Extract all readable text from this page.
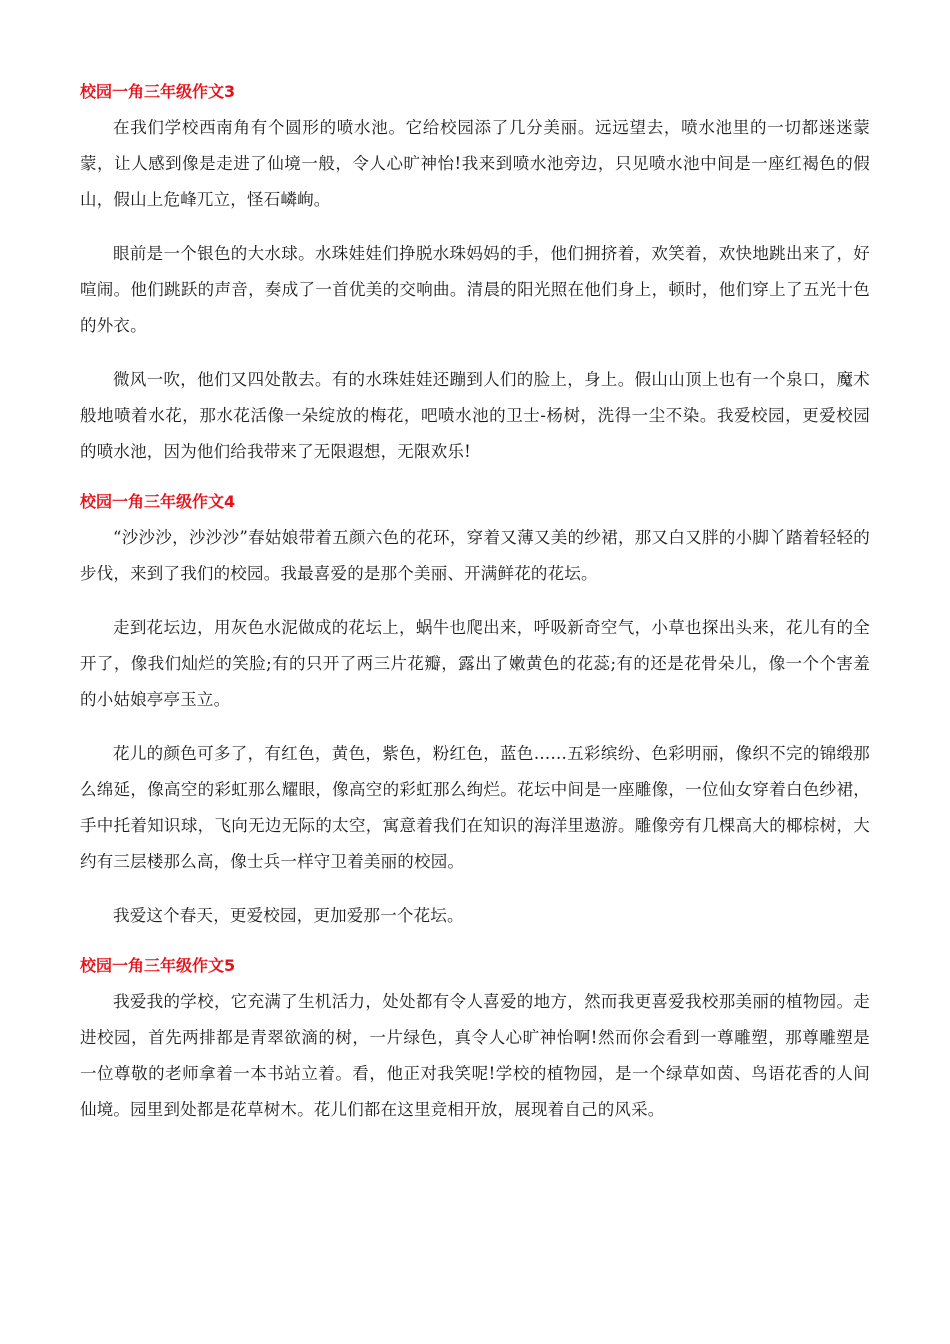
校园一角三年级作文3

在我们学校西南角有个圆形的喷水池。它给校园添了几分美丽。远远望去，喷水池里的一切都迷迷蒙蒙，让人感到像是走进了仙境一般，令人心旷神怡!我来到喷水池旁边，只见喷水池中间是一座红褐色的假山，假山上危峰兀立，怪石嶙峋。

眼前是一个银色的大水球。水珠娃娃们挣脱水珠妈妈的手，他们拥挤着，欢笑着，欢快地跳出来了，好喧闹。他们跳跃的声音，奏成了一首优美的交响曲。清晨的阳光照在他们身上，顿时，他们穿上了五光十色的外衣。

微风一吹，他们又四处散去。有的水珠娃娃还蹦到人们的脸上，身上。假山山顶上也有一个泉口，魔术般地喷着水花，那水花活像一朵绽放的梅花，吧喷水池的卫士-杨树，洗得一尘不染。我爱校园，更爱校园的喷水池，因为他们给我带来了无限遐想，无限欢乐!

校园一角三年级作文4

“沙沙沙，沙沙沙”春姑娘带着五颜六色的花环，穿着又薄又美的纱裙，那又白又胖的小脚丫踏着轻轻的步伐，来到了我们的校园。我最喜爱的是那个美丽、开满鲜花的花坛。

走到花坛边，用灰色水泥做成的花坛上，蜗牛也爬出来，呼吸新奇空气，小草也探出头来，花儿有的全开了，像我们灿烂的笑脸;有的只开了两三片花瓣，露出了嫩黄色的花蕊;有的还是花骨朵儿，像一个个害羞的小姑娘亭亭玉立。

花儿的颜色可多了，有红色，黄色，紫色，粉红色，蓝色……五彩缤纷、色彩明丽，像织不完的锦缎那么绵延，像高空的彩虹那么耀眼，像高空的彩虹那么绚烂。花坛中间是一座雕像，一位仙女穿着白色纱裙，手中托着知识球，飞向无边无际的太空，寓意着我们在知识的海洋里遨游。雕像旁有几棵高大的椰棕树，大约有三层楼那么高，像士兵一样守卫着美丽的校园。

我爱这个春天，更爱校园，更加爱那一个花坛。

校园一角三年级作文5

我爱我的学校，它充满了生机活力，处处都有令人喜爱的地方，然而我更喜爱我校那美丽的植物园。走进校园，首先两排都是青翠欲滴的树，一片绿色，真令人心旷神怡啊!然而你会看到一尊雕塑，那尊雕塑是一位尊敬的老师拿着一本书站立着。看，他正对我笑呢!学校的植物园，是一个绿草如茵、鸟语花香的人间仙境。园里到处都是花草树木。花儿们都在这里竞相开放，展现着自己的风采。
